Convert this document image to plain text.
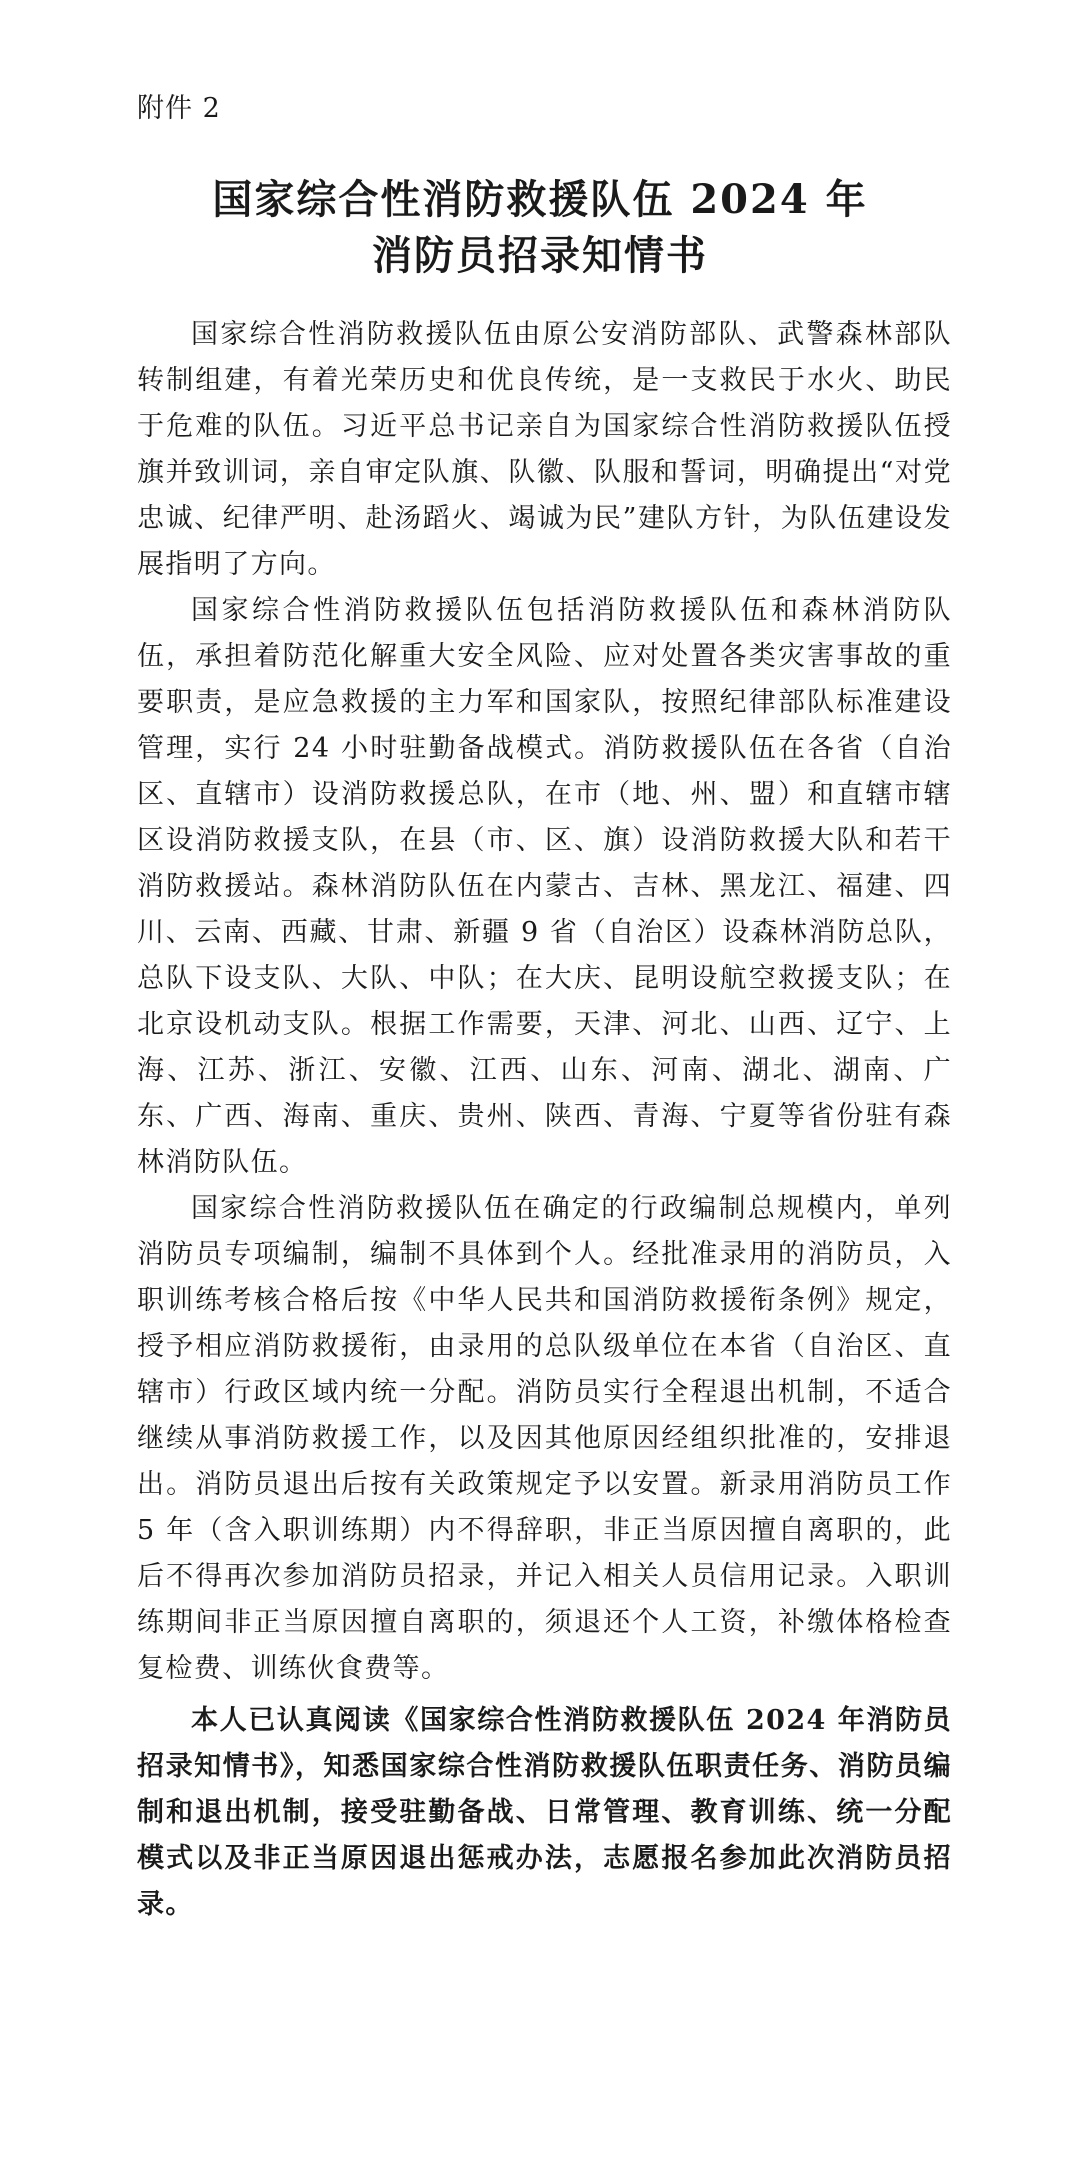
附件 2
国家综合性消防救援队伍 2024 年
消防员招录知情书

国家综合性消防救援队伍由原公安消防部队、武警森林部队转制组建，有着光荣历史和优良传统，是一支救民于水火、助民于危难的队伍。习近平总书记亲自为国家综合性消防救援队伍授旗并致训词，亲自审定队旗、队徽、队服和誓词，明确提出“对党忠诚、纪律严明、赴汤蹈火、竭诚为民”建队方针，为队伍建设发展指明了方向。

国家综合性消防救援队伍包括消防救援队伍和森林消防队伍，承担着防范化解重大安全风险、应对处置各类灾害事故的重要职责，是应急救援的主力军和国家队，按照纪律部队标准建设管理，实行 24 小时驻勤备战模式。消防救援队伍在各省（自治区、直辖市）设消防救援总队，在市（地、州、盟）和直辖市辖区设消防救援支队，在县（市、区、旗）设消防救援大队和若干消防救援站。森林消防队伍在内蒙古、吉林、黑龙江、福建、四川、云南、西藏、甘肃、新疆 9 省（自治区）设森林消防总队，总队下设支队、大队、中队；在大庆、昆明设航空救援支队；在北京设机动支队。根据工作需要，天津、河北、山西、辽宁、上海、江苏、浙江、安徽、江西、山东、河南、湖北、湖南、广东、广西、海南、重庆、贵州、陕西、青海、宁夏等省份驻有森林消防队伍。

国家综合性消防救援队伍在确定的行政编制总规模内，单列消防员专项编制，编制不具体到个人。经批准录用的消防员，入职训练考核合格后按《中华人民共和国消防救援衔条例》规定，授予相应消防救援衔，由录用的总队级单位在本省（自治区、直辖市）行政区域内统一分配。消防员实行全程退出机制，不适合继续从事消防救援工作，以及因其他原因经组织批准的，安排退出。消防员退出后按有关政策规定予以安置。新录用消防员工作 5 年（含入职训练期）内不得辞职，非正当原因擅自离职的，此后不得再次参加消防员招录，并记入相关人员信用记录。入职训练期间非正当原因擅自离职的，须退还个人工资，补缴体格检查复检费、训练伙食费等。

本人已认真阅读《国家综合性消防救援队伍 2024 年消防员招录知情书》，知悉国家综合性消防救援队伍职责任务、消防员编制和退出机制，接受驻勤备战、日常管理、教育训练、统一分配模式以及非正当原因退出惩戒办法，志愿报名参加此次消防员招录。
